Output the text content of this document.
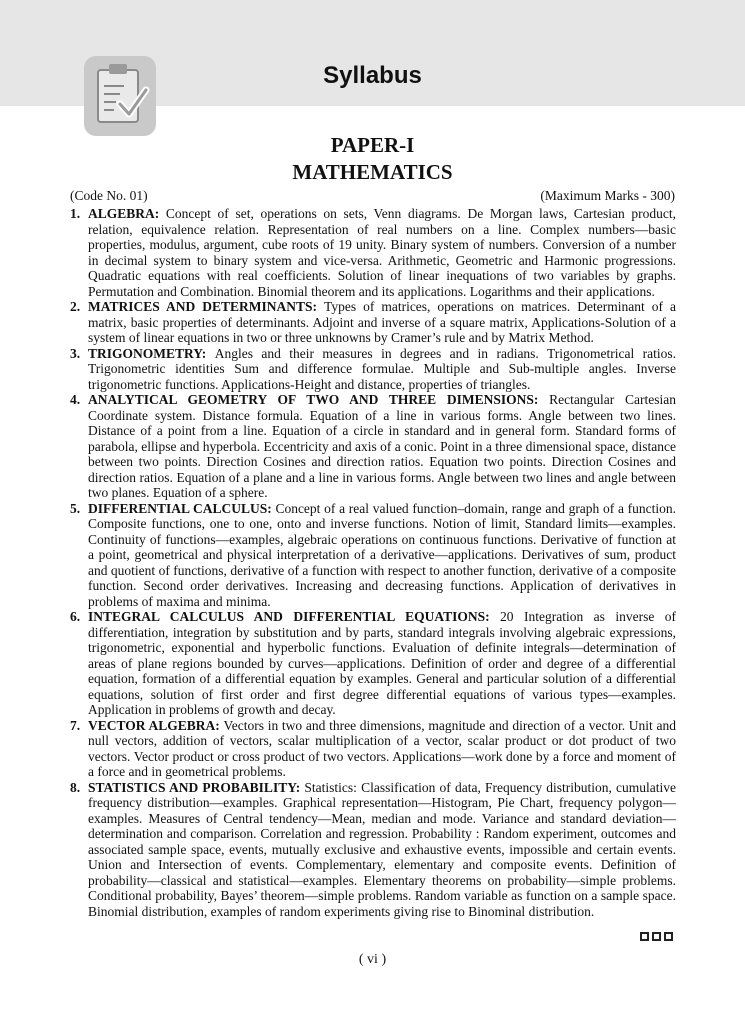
Syllabus
PAPER-I
MATHEMATICS
(Code No. 01)	(Maximum Marks - 300)
1. ALGEBRA: Concept of set, operations on sets, Venn diagrams. De Morgan laws, Cartesian product, relation, equivalence relation. Representation of real numbers on a line. Complex numbers—basic properties, modulus, argument, cube roots of 19 unity. Binary system of numbers. Conversion of a number in decimal system to binary system and vice-versa. Arithmetic, Geometric and Harmonic progressions. Quadratic equations with real coefficients. Solution of linear inequations of two variables by graphs. Permutation and Combination. Binomial theorem and its applications. Logarithms and their applications.
2. MATRICES AND DETERMINANTS: Types of matrices, operations on matrices. Determinant of a matrix, basic properties of determinants. Adjoint and inverse of a square matrix, Applications-Solution of a system of linear equations in two or three unknowns by Cramer’s rule and by Matrix Method.
3. TRIGONOMETRY: Angles and their measures in degrees and in radians. Trigonometrical ratios. Trigonometric identities Sum and difference formulae. Multiple and Sub-multiple angles. Inverse trigonometric functions. Applications-Height and distance, properties of triangles.
4. ANALYTICAL GEOMETRY OF TWO AND THREE DIMENSIONS: Rectangular Cartesian Coordinate system. Distance formula. Equation of a line in various forms. Angle between two lines. Distance of a point from a line. Equation of a circle in standard and in general form. Standard forms of parabola, ellipse and hyperbola. Eccentricity and axis of a conic. Point in a three dimensional space, distance between two points. Direction Cosines and direction ratios. Equation two points. Direction Cosines and direction ratios. Equation of a plane and a line in various forms. Angle between two lines and angle between two planes. Equation of a sphere.
5. DIFFERENTIAL CALCULUS: Concept of a real valued function–domain, range and graph of a function. Composite functions, one to one, onto and inverse functions. Notion of limit, Standard limits—examples. Continuity of functions—examples, algebraic operations on continuous functions. Derivative of function at a point, geometrical and physical interpretation of a derivative—applications. Derivatives of sum, product and quotient of functions, derivative of a function with respect to another function, derivative of a composite function. Second order derivatives. Increasing and decreasing functions. Application of derivatives in problems of maxima and minima.
6. INTEGRAL CALCULUS AND DIFFERENTIAL EQUATIONS: 20 Integration as inverse of differentiation, integration by substitution and by parts, standard integrals involving algebraic expressions, trigonometric, exponential and hyperbolic functions. Evaluation of definite integrals—determination of areas of plane regions bounded by curves—applications. Definition of order and degree of a differential equation, formation of a differential equation by examples. General and particular solution of a differential equations, solution of first order and first degree differential equations of various types—examples. Application in problems of growth and decay.
7. VECTOR ALGEBRA: Vectors in two and three dimensions, magnitude and direction of a vector. Unit and null vectors, addition of vectors, scalar multiplication of a vector, scalar product or dot product of two vectors. Vector product or cross product of two vectors. Applications—work done by a force and moment of a force and in geometrical problems.
8. STATISTICS AND PROBABILITY: Statistics: Classification of data, Frequency distribution, cumulative frequency distribution—examples. Graphical representation—Histogram, Pie Chart, frequency polygon— examples. Measures of Central tendency—Mean, median and mode. Variance and standard deviation—determination and comparison. Correlation and regression. Probability : Random experiment, outcomes and associated sample space, events, mutually exclusive and exhaustive events, impossible and certain events. Union and Intersection of events. Complementary, elementary and composite events. Definition of probability—classical and statistical—examples. Elementary theorems on probability—simple problems. Conditional probability, Bayes’ theorem—simple problems. Random variable as function on a sample space. Binomial distribution, examples of random experiments giving rise to Binominal distribution.
( vi )
